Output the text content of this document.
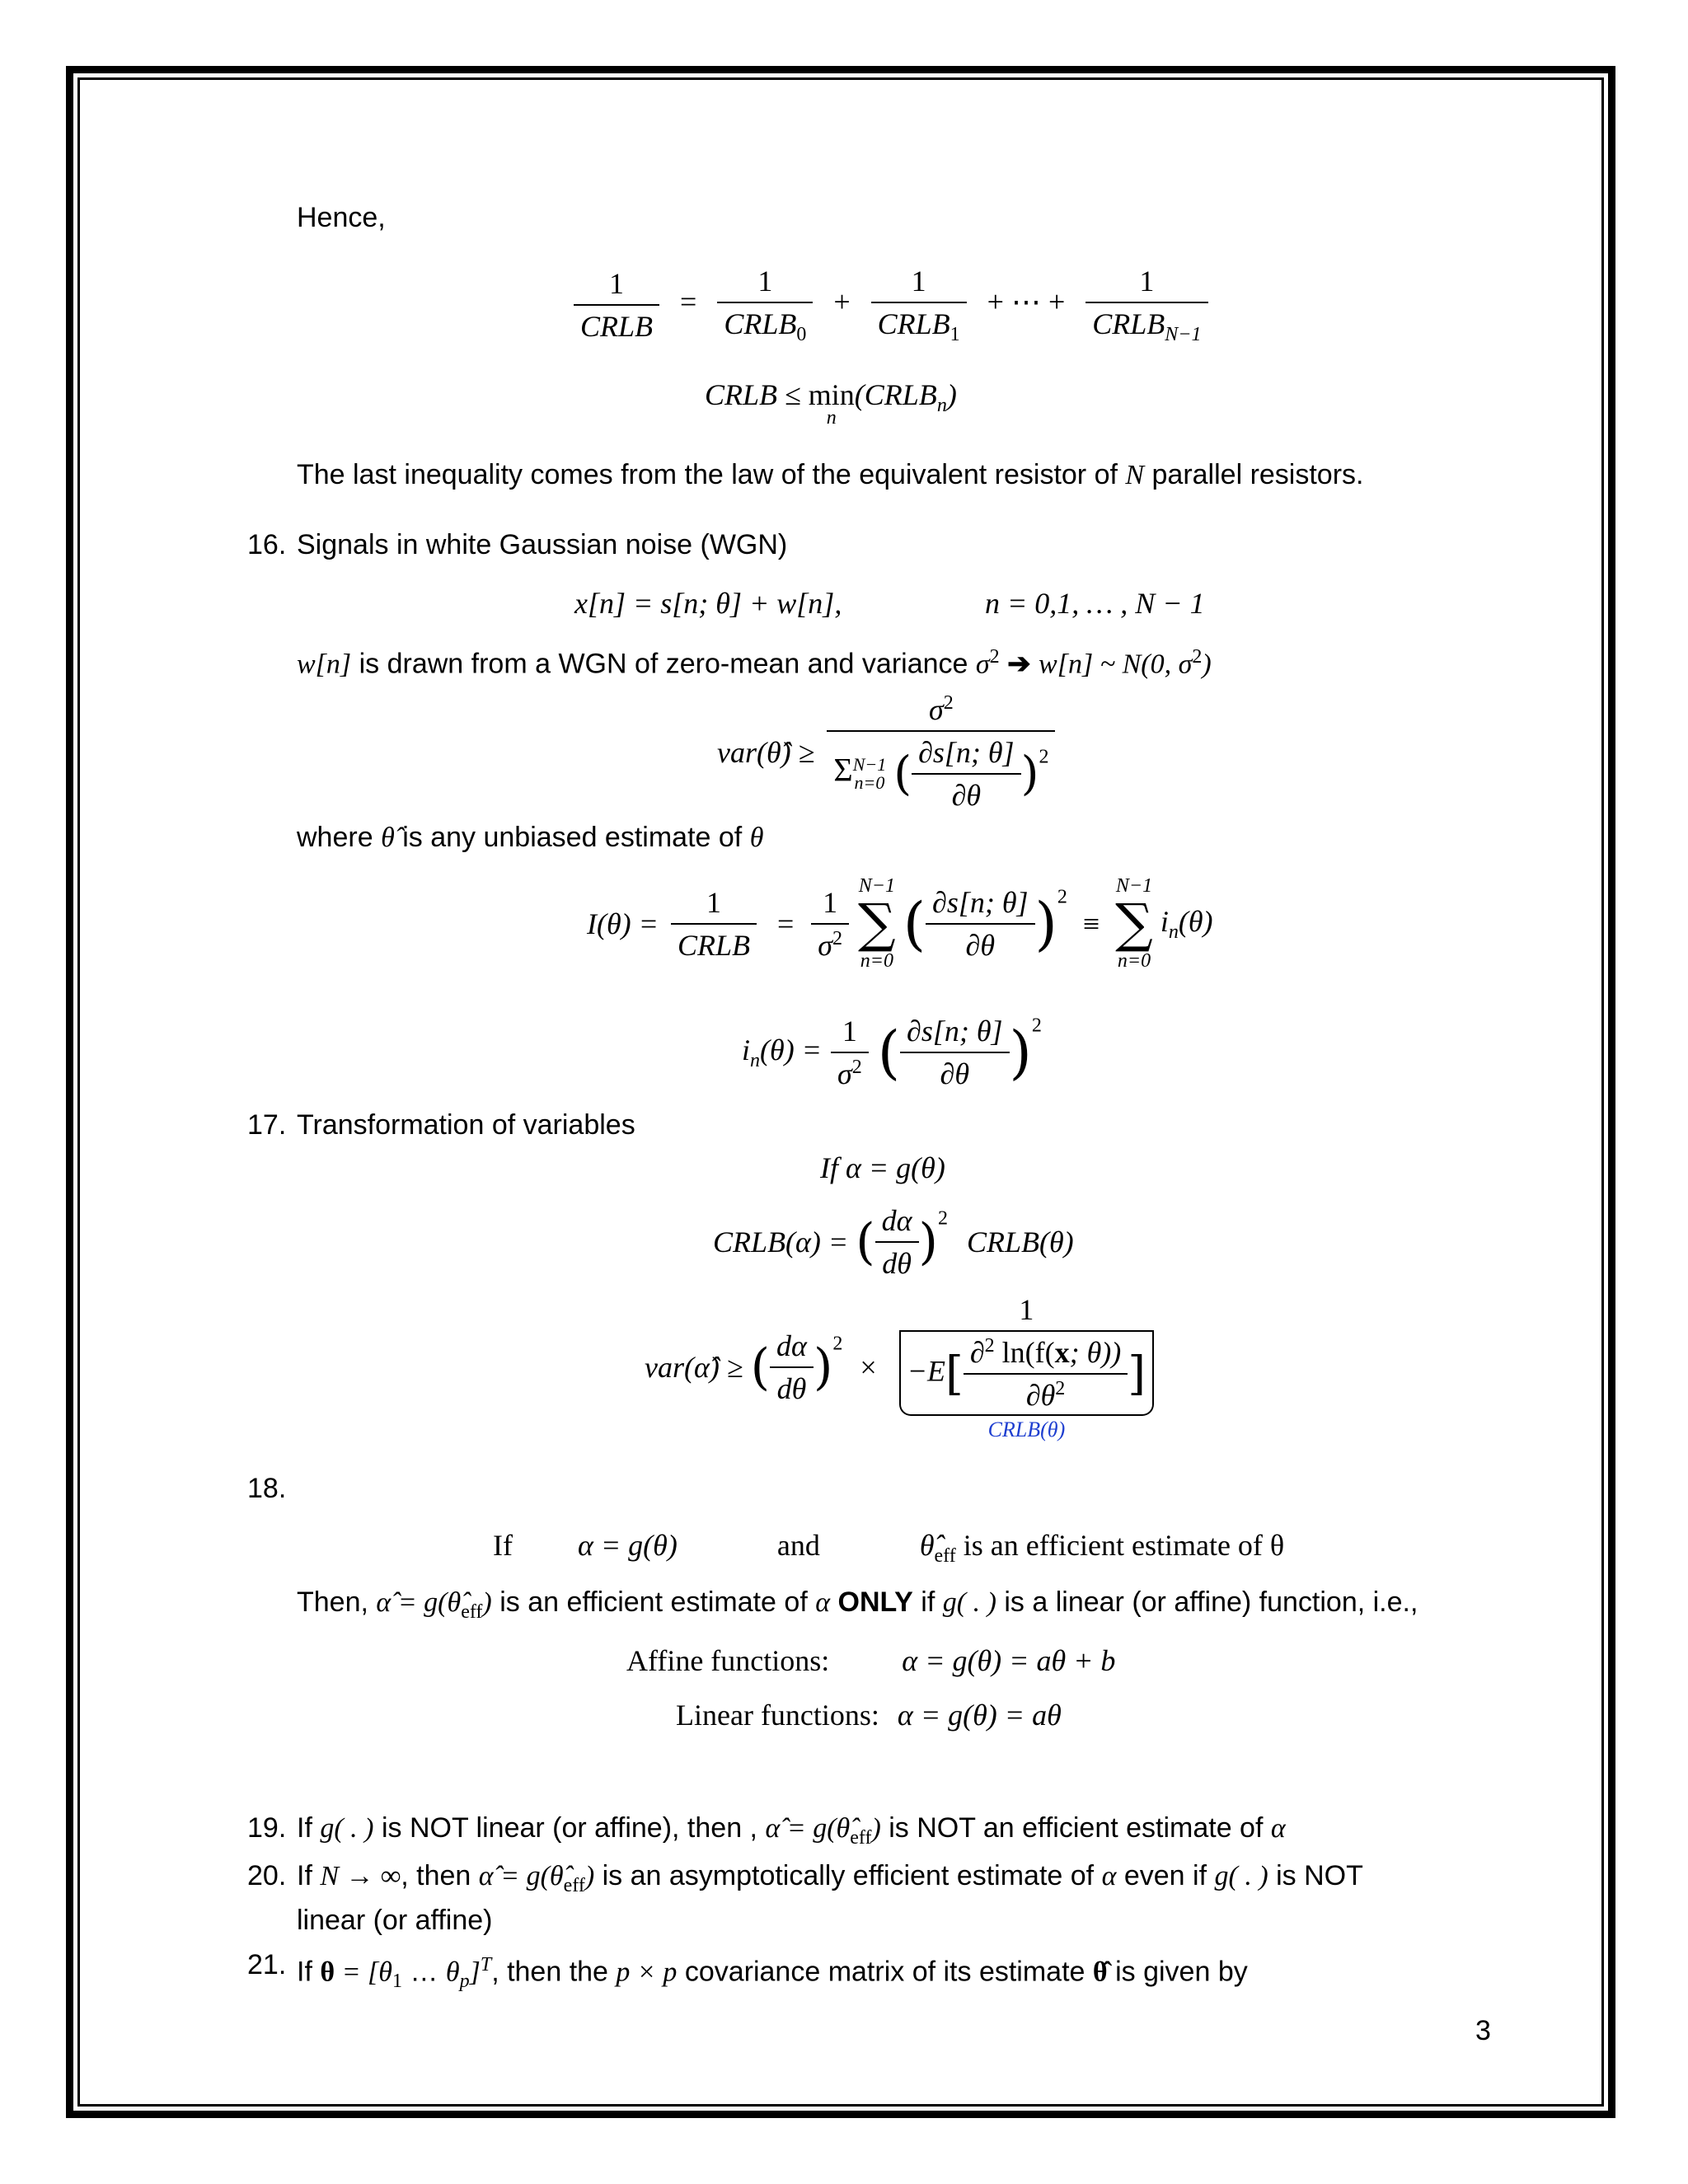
Hence,
$\frac{1}{\text{CRLB}} = \frac{1}{CRLB_0} + \frac{1}{CRLB_1}$ + ⋯ + $\frac{1}{CRLB_{N-1}}$
CRLB ≤ min
n
$(CRLB_n)$
The last inequality comes from the law of the equivalent resistor of N parallel resistors.
16. Signals in white Gaussian noise (WGN)
x[n] = s[n; θ] + w[n],	n = 0,1, … , N − 1
w[n] is drawn from a WGN of zero-mean and variance $\sigma^2$ ➔ w[n] ~ N(0, $\sigma^2$)
var(θ̂) ≥ $\sigma^2$
Σ N−1
n=0 ( $\frac{\partial s[n; \theta]}{\partial\theta} )^2$
where θ̂ is any unbiased estimate of θ
$I(\theta) = \frac{1}{\text{CRLB}} = \frac{1}{\sigma^2}$
N−1
∑
n=0
( $\frac{\partial s[n; \theta]}{\partial\theta} )^2$ ≡
N−1
∑
n=0
$i_n(\theta)$
$i_n(\theta) = \frac{1}{\sigma^2}$ ( $\frac{\partial s[n; \theta]}{\partial\theta} )^2$
17. Transformation of variables
If α = g(θ)
CRLB(α) = ( $\frac{d\alpha}{d\theta} )^2$ CRLB(θ)
var(α̂) ≥ ( $\frac{d\alpha}{d\theta} )^2$ ×
1
$-E[ \frac{\partial^2 \ln(f(x; \theta))}{\partial\theta^2}$ ]
CRLB(θ)
18.
If α = g(θ)	and	$\thetâ_{eff}$ is an efficient estimate of θ
Then, α̂ = $g(\thetâ_{eff})$ is an efficient estimate of α ONLY if g( . ) is a linear (or affine) function, i.e.,
Affine functions: α = g(θ) = aθ + b
Linear functions: α = g(θ) = aθ
19. If g( . ) is NOT linear (or affine), then , α̂ = $g(\thetâ_{eff})$ is NOT an efficient estimate of α
20. If N → ∞, then α̂ = $g(\thetâ_{eff})$ is an asymptotically efficient estimate of α even if g( . ) is NOT
linear (or affine)
21. If $\theta = [\theta_1$ … $\theta_p]^T$, then the p × p covariance matrix of its estimate θ̂ is given by
3
